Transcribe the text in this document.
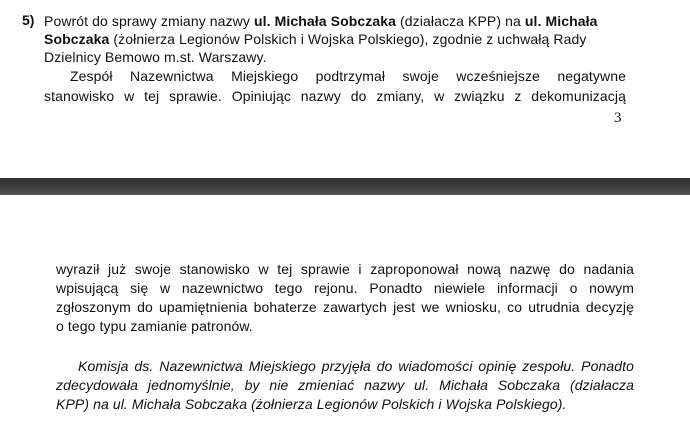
5) Powrót do sprawy zmiany nazwy ul. Michała Sobczaka (działacza KPP) na ul. Michała
Sobczaka (żołnierza Legionów Polskich i Wojska Polskiego), zgodnie z uchwałą Rady
Dzielnicy Bemowo m.st. Warszawy.
Zespół Nazewnictwa Miejskiego podtrzymał swoje wcześniejsze negatywne
stanowisko w tej sprawie. Opiniując nazwy do zmiany, w związku z dekomunizacją
3
wyraził już swoje stanowisko w tej sprawie i zaproponował nową nazwę do nadania
wpisującą się w nazewnictwo tego rejonu. Ponadto niewiele informacji o nowym
zgłoszonym do upamiętnienia bohaterze zawartych jest we wniosku, co utrudnia decyzję
o tego typu zamianie patronów.
Komisja ds. Nazewnictwa Miejskiego przyjęła do wiadomości opinię zespołu. Ponadto
zdecydowała jednomyślnie, by nie zmieniać nazwy ul. Michała Sobczaka (działacza
KPP) na ul. Michała Sobczaka (żołnierza Legionów Polskich i Wojska Polskiego).
